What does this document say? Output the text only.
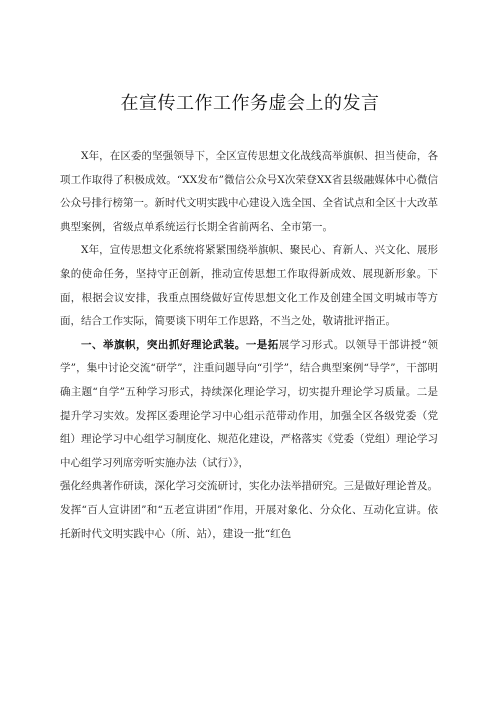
在宣传工作工作务虚会上的发言

X年，在区委的坚强领导下，全区宣传思想文化战线高举旗帜、担当使命，各项工作取得了积极成效。“XX发布”微信公众号X次荣登XX省县级融媒体中心微信公众号排行榜第一。新时代文明实践中心建设入选全国、全省试点和全区十大改革典型案例，省级点单系统运行长期全省前两名、全市第一。

X年，宣传思想文化系统将紧紧围绕举旗帜、聚民心、育新人、兴文化、展形象的使命任务，坚持守正创新，推动宣传思想工作取得新成效、展现新形象。下面，根据会议安排，我重点围绕做好宣传思想文化工作及创建全国文明城市等方面，结合工作实际，简要谈下明年工作思路，不当之处，敬请批评指正。

一、举旗帜，突出抓好理论武装。一是拓展学习形式。以领导干部讲授“领学”，集中讨论交流“研学”，注重问题导向“引学”，结合典型案例“导学”，干部明确主题“自学”五种学习形式，持续深化理论学习，切实提升理论学习质量。二是提升学习实效。发挥区委理论学习中心组示范带动作用，加强全区各级党委（党组）理论学习中心组学习制度化、规范化建设，严格落实《党委（党组）理论学习中心组学习列席旁听实施办法（试行）》，

强化经典著作研读，深化学习交流研讨，实化办法举措研究。三是做好理论普及。发挥“百人宣讲团”和“五老宣讲团”作用，开展对象化、分众化、互动化宣讲。依托新时代文明实践中心（所、站），建设一批“红色
